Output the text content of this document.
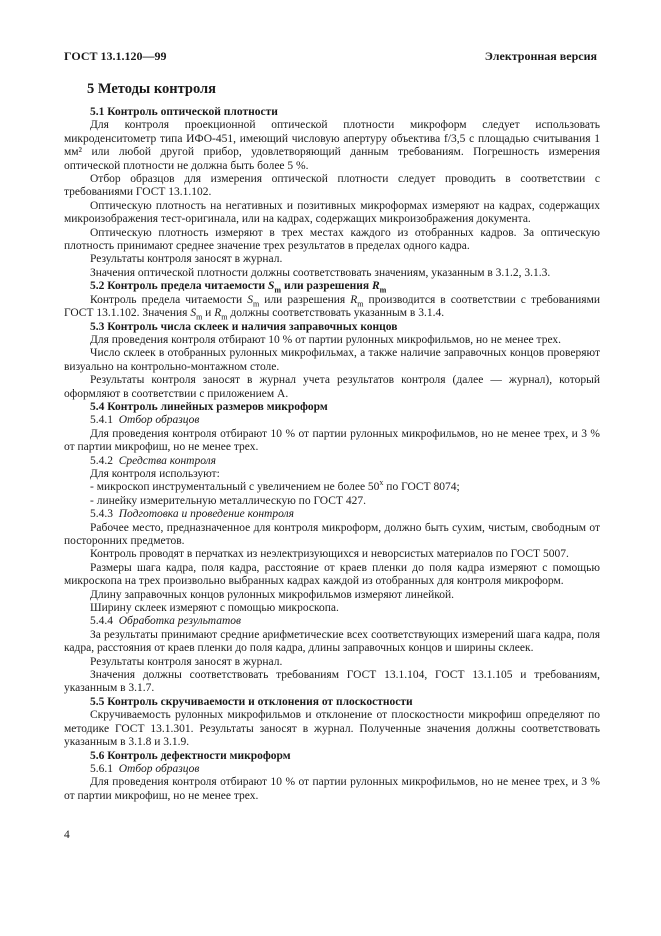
ГОСТ 13.1.120—99	Электронная версия
5 Методы контроля

5.1 Контроль оптической плотности

Для контроля проекционной оптической плотности микроформ следует использовать микроденситометр типа ИФО-451, имеющий числовую апертуру объектива f/3,5 с площадью считывания 1 мм² или любой другой прибор, удовлетворяющий данным требованиям. Погрешность измерения оптической плотности не должна быть более 5 %.

Отбор образцов для измерения оптической плотности следует проводить в соответствии с требованиями ГОСТ 13.1.102.

Оптическую плотность на негативных и позитивных микроформах измеряют на кадрах, содержащих микроизображения тест-оригинала, или на кадрах, содержащих микроизображения документа.

Оптическую плотность измеряют в трех местах каждого из отобранных кадров. За оптическую плотность принимают среднее значение трех результатов в пределах одного кадра.

Результаты контроля заносят в журнал.

Значения оптической плотности должны соответствовать значениям, указанным в 3.1.2, 3.1.3.

5.2 Контроль предела читаемости $S_m$ или разрешения $R_m$

Контроль предела читаемости $S_m$ или разрешения $R_m$ производится в соответствии с требованиями ГОСТ 13.1.102. Значения $S_m$ и $R_m$ должны соответствовать указанным в 3.1.4.

5.3 Контроль числа склеек и наличия заправочных концов

Для проведения контроля отбирают 10 % от партии рулонных микрофильмов, но не менее трех.

Число склеек в отобранных рулонных микрофильмах, а также наличие заправочных концов проверяют визуально на контрольно-монтажном столе.

Результаты контроля заносят в журнал учета результатов контроля (далее — журнал), который оформляют в соответствии с приложением А.

5.4 Контроль линейных размеров микроформ

5.4.1 Отбор образцов

Для проведения контроля отбирают 10 % от партии рулонных микрофильмов, но не менее трех, и 3 % от партии микрофиш, но не менее трех.

5.4.2 Средства контроля

Для контроля используют:

- микроскоп инструментальный с увеличением не более 50$^x$ по ГОСТ 8074;

- линейку измерительную металлическую по ГОСТ 427.

5.4.3 Подготовка и проведение контроля

Рабочее место, предназначенное для контроля микроформ, должно быть сухим, чистым, свободным от посторонних предметов.

Контроль проводят в перчатках из неэлектризующихся и неворсистых материалов по ГОСТ 5007.

Размеры шага кадра, поля кадра, расстояние от краев пленки до поля кадра измеряют с помощью микроскопа на трех произвольно выбранных кадрах каждой из отобранных для контроля микроформ.

Длину заправочных концов рулонных микрофильмов измеряют линейкой.

Ширину склеек измеряют с помощью микроскопа.

5.4.4 Обработка результатов

За результаты принимают средние арифметические всех соответствующих измерений шага кадра, поля кадра, расстояния от краев пленки до поля кадра, длины заправочных концов и ширины склеек.

Результаты контроля заносят в журнал.

Значения должны соответствовать требованиям ГОСТ 13.1.104, ГОСТ 13.1.105 и требованиям, указанным в 3.1.7.

5.5 Контроль скручиваемости и отклонения от плоскостности

Скручиваемость рулонных микрофильмов и отклонение от плоскостности микрофиш определяют по методике ГОСТ 13.1.301. Результаты заносят в журнал. Полученные значения должны соответствовать указанным в 3.1.8 и 3.1.9.

5.6 Контроль дефектности микроформ

5.6.1 Отбор образцов

Для проведения контроля отбирают 10 % от партии рулонных микрофильмов, но не менее трех, и 3 % от партии микрофиш, но не менее трех.

4
